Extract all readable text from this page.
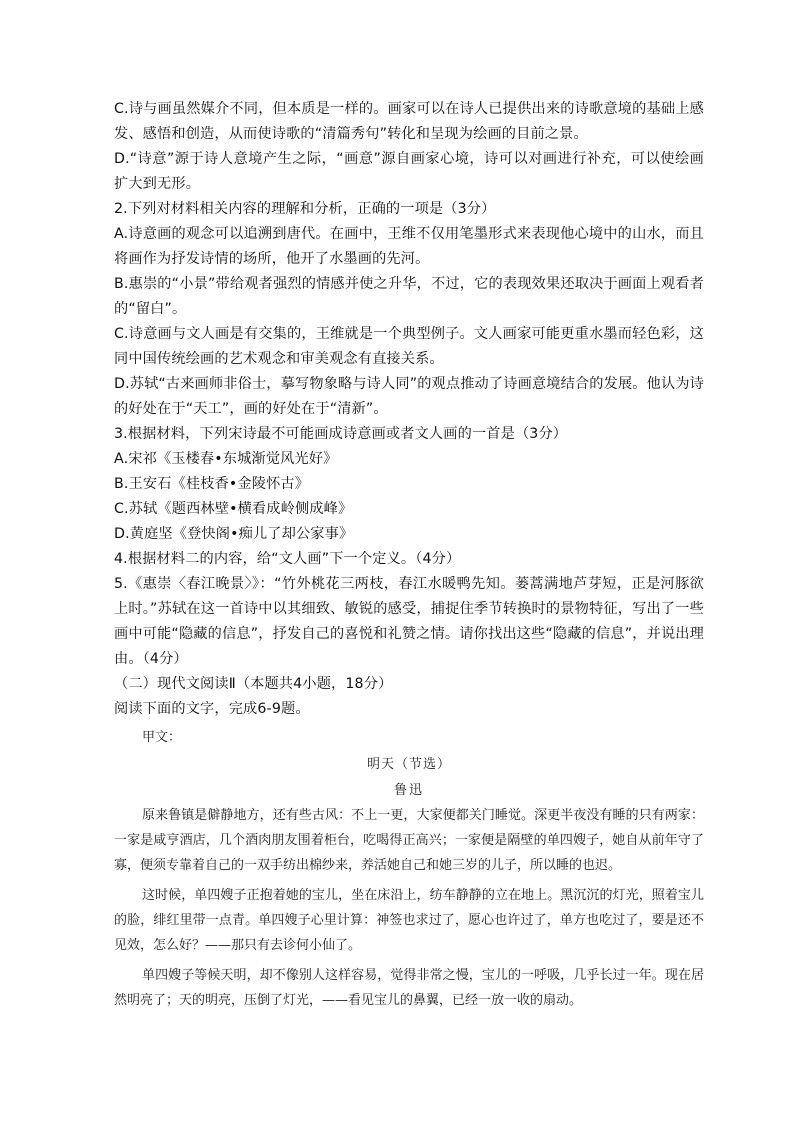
C.诗与画虽然媒介不同，但本质是一样的。画家可以在诗人已提供出来的诗歌意境的基础上感发、感悟和创造，从而使诗歌的“清篇秀句”转化和呈现为绘画的目前之景。

D.“诗意”源于诗人意境产生之际，“画意”源自画家心境，诗可以对画进行补充，可以使绘画扩大到无形。

2.下列对材料相关内容的理解和分析，正确的一项是（3分）

A.诗意画的观念可以追溯到唐代。在画中，王维不仅用笔墨形式来表现他心境中的山水，而且将画作为抒发诗情的场所，他开了水墨画的先河。

B.惠崇的“小景”带给观者强烈的情感并使之升华，不过，它的表现效果还取决于画面上观看者的“留白”。

C.诗意画与文人画是有交集的，王维就是一个典型例子。文人画家可能更重水墨而轻色彩，这同中国传统绘画的艺术观念和审美观念有直接关系。

D.苏轼“古来画师非俗士，摹写物象略与诗人同”的观点推动了诗画意境结合的发展。他认为诗的好处在于“天工”，画的好处在于“清新”。

3.根据材料，下列宋诗最不可能画成诗意画或者文人画的一首是（3分）

A.宋祁《玉楼春•东城渐觉风光好》

B.王安石《桂枝香•金陵怀古》

C.苏轼《题西林壁•横看成岭侧成峰》

D.黄庭坚《登快阁•痴儿了却公家事》

4.根据材料二的内容，给“文人画”下一个定义。（4分）

5.《惠崇〈春江晚景〉》：“竹外桃花三两枝，春江水暖鸭先知。蒌蒿满地芦芽短，正是河豚欲上时。”苏轼在这一首诗中以其细致、敏锐的感受，捕捉住季节转换时的景物特征，写出了一些画中可能“隐藏的信息”，抒发自己的喜悦和礼赞之情。请你找出这些“隐藏的信息”，并说出理由。（4分）

（二）现代文阅读Ⅱ（本题共4小题，18分）

阅读下面的文字，完成6-9题。

甲文：

明天（节选）

鲁迅

原来鲁镇是僻静地方，还有些古风：不上一更，大家便都关门睡觉。深更半夜没有睡的只有两家：一家是咸亨酒店，几个酒肉朋友围着柜台，吃喝得正高兴；一家便是隔壁的单四嫂子，她自从前年守了寡，便须专靠着自己的一双手纺出棉纱来，养活她自己和她三岁的儿子，所以睡的也迟。

这时候，单四嫂子正抱着她的宝儿，坐在床沿上，纺车静静的立在地上。黑沉沉的灯光，照着宝儿的脸，绯红里带一点青。单四嫂子心里计算：神签也求过了，愿心也许过了，单方也吃过了，要是还不见效，怎么好？——那只有去诊何小仙了。

单四嫂子等候天明，却不像别人这样容易，觉得非常之慢，宝儿的一呼吸，几乎长过一年。现在居然明亮了；天的明亮，压倒了灯光，——看见宝儿的鼻翼，已经一放一收的扇动。
